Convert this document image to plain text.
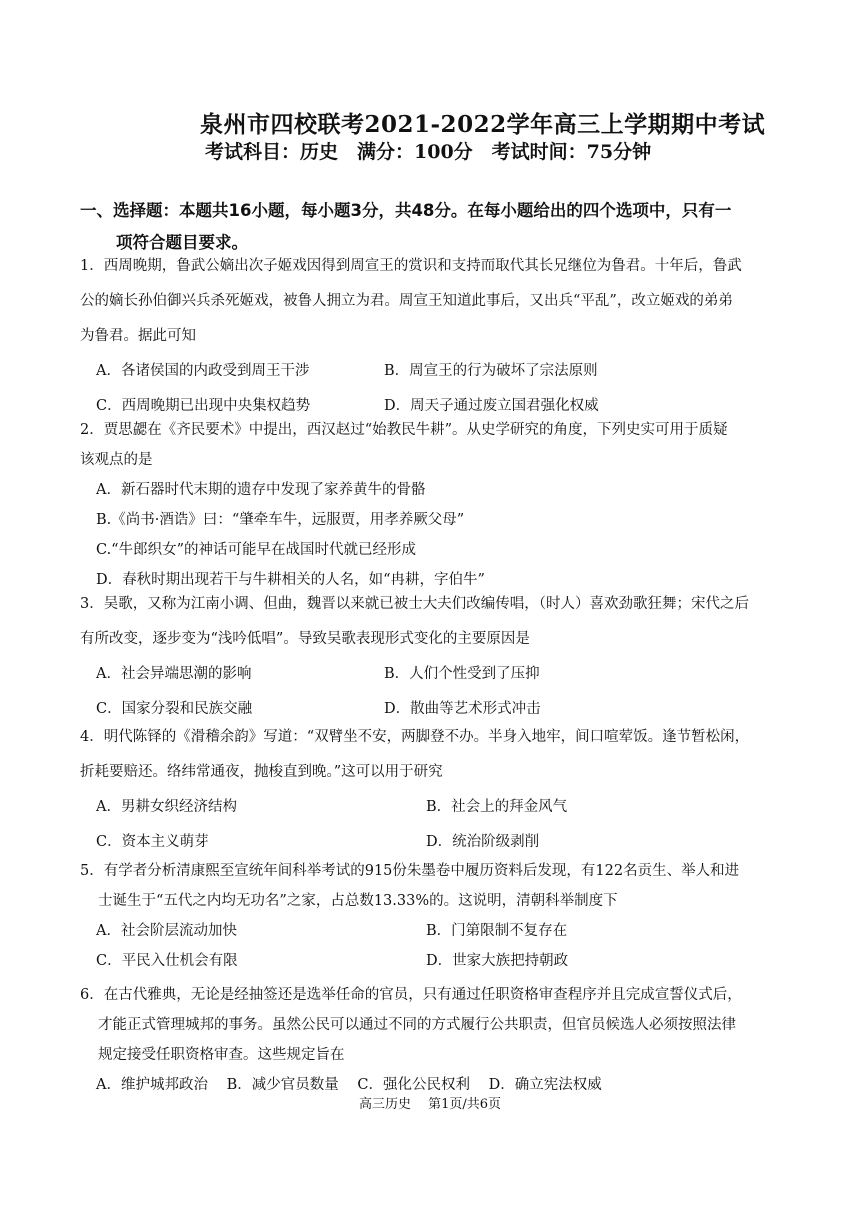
泉州市四校联考2021-2022学年高三上学期期中考试
考试科目：历史　满分：100分　考试时间：75分钟
一、选择题：本题共16小题，每小题3分，共48分。在每小题给出的四个选项中，只有一
项符合题目要求。

1．西周晚期，鲁武公嫡出次子姬戏因得到周宣王的赏识和支持而取代其长兄继位为鲁君。十年后，鲁武

公的嫡长孙伯御兴兵杀死姬戏，被鲁人拥立为君。周宣王知道此事后，又出兵“平乱”，改立姬戏的弟弟

为鲁君。据此可知

A．各诸侯国的内政受到周王干涉	B．周宣王的行为破坏了宗法原则
C．西周晚期已出现中央集权趋势	D．周天子通过废立国君强化权威

2．贾思勰在《齐民要术》中提出，西汉赵过“始教民牛耕”。从史学研究的角度，下列史实可用于质疑

该观点的是

A．新石器时代末期的遗存中发现了家养黄牛的骨骼
B.《尚书·酒诰》曰：“肇牵车牛，远服贾，用孝养厥父母”
C.“牛郎织女”的神话可能早在战国时代就已经形成
D．春秋时期出现若干与牛耕相关的人名，如“冉耕，字伯牛”

3．吴歌，又称为江南小调、但曲，魏晋以来就已被士大夫们改编传唱，（时人）喜欢劲歌狂舞；宋代之后

有所改变，逐步变为“浅吟低唱”。导致吴歌表现形式变化的主要原因是

A．社会异端思潮的影响	B．人们个性受到了压抑
C．国家分裂和民族交融	D．散曲等艺术形式冲击

4．明代陈铎的《滑稽余韵》写道：“双臂坐不安，两脚登不办。半身入地牢，间口喧荤饭。逢节暂松闲，

折耗要赔还。络纬常通夜，抛梭直到晚。”这可以用于研究

A．男耕女织经济结构	B．社会上的拜金风气
C．资本主义萌芽	D．统治阶级剥削

5．有学者分析清康熙至宣统年间科举考试的915份朱墨卷中履历资料后发现，有122名贡生、举人和进

士诞生于“五代之内均无功名”之家，占总数13.33%的。这说明，清朝科举制度下

A．社会阶层流动加快	B．门第限制不复存在
C．平民入仕机会有限	D．世家大族把持朝政

6．在古代雅典，无论是经抽签还是选举任命的官员，只有通过任职资格审查程序并且完成宣誓仪式后，

才能正式管理城邦的事务。虽然公民可以通过不同的方式履行公共职责，但官员候选人必须按照法律

规定接受任职资格审查。这些规定旨在

A．维护城邦政治 B．减少官员数量 C．强化公民权利 D．确立宪法权威
高三历史　 第1页/共6页
